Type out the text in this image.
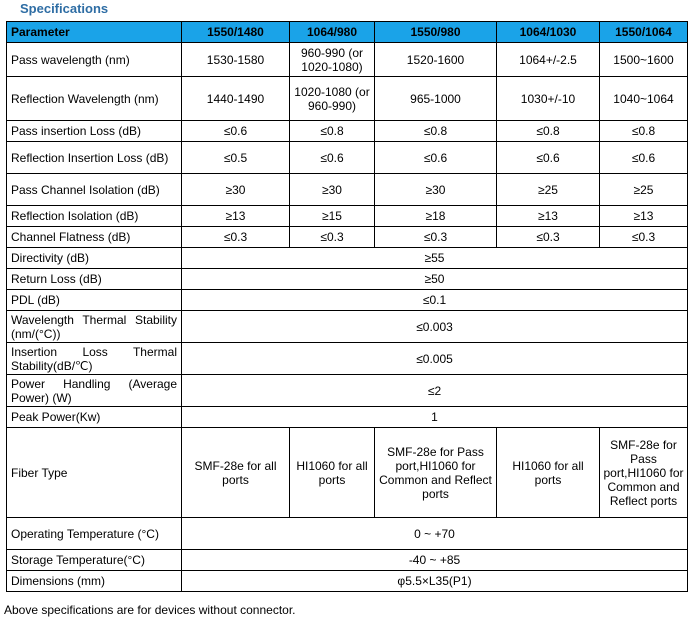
Specifications
Parameter	1550/1480	1064/980	1550/980	1064/1030	1550/1064
Pass wavelength (nm)	1530-1580	960-990 (or 1020-1080)	1520-1600	1064+/-2.5	1500~1600
Reflection Wavelength (nm)	1440-1490	1020-1080 (or 960-990)	965-1000	1030+/-10	1040~1064
Pass insertion Loss (dB)	≤0.6	≤0.8	≤0.8	≤0.8	≤0.8
Reflection Insertion Loss (dB)	≤0.5	≤0.6	≤0.6	≤0.6	≤0.6
Pass Channel Isolation (dB)	≥30	≥30	≥30	≥25	≥25
Reflection Isolation (dB)	≥13	≥15	≥18	≥13	≥13
Channel Flatness (dB)	≤0.3	≤0.3	≤0.3	≤0.3	≤0.3
Directivity (dB)	≥55				
Return Loss (dB)	≥50				
PDL (dB)	≤0.1				
Wavelength Thermal Stability (nm/(°C))	≤0.003				
Insertion Loss Thermal Stability(dB/℃)	≤0.005				
Power Handling (Average Power) (W)	≤2				
Peak Power(Kw)	1				
Fiber Type	SMF-28e for all ports	HI1060 for all ports	SMF-28e for Pass port,HI1060 for Common and Reflect ports	HI1060 for all ports	SMF-28e for Pass port,HI1060 for Common and Reflect ports
Operating Temperature (°C)	0 ~ +70				
Storage Temperature(°C)	-40 ~ +85				
Dimensions (mm)	φ5.5×L35(P1)				
Above specifications are for devices without connector.
